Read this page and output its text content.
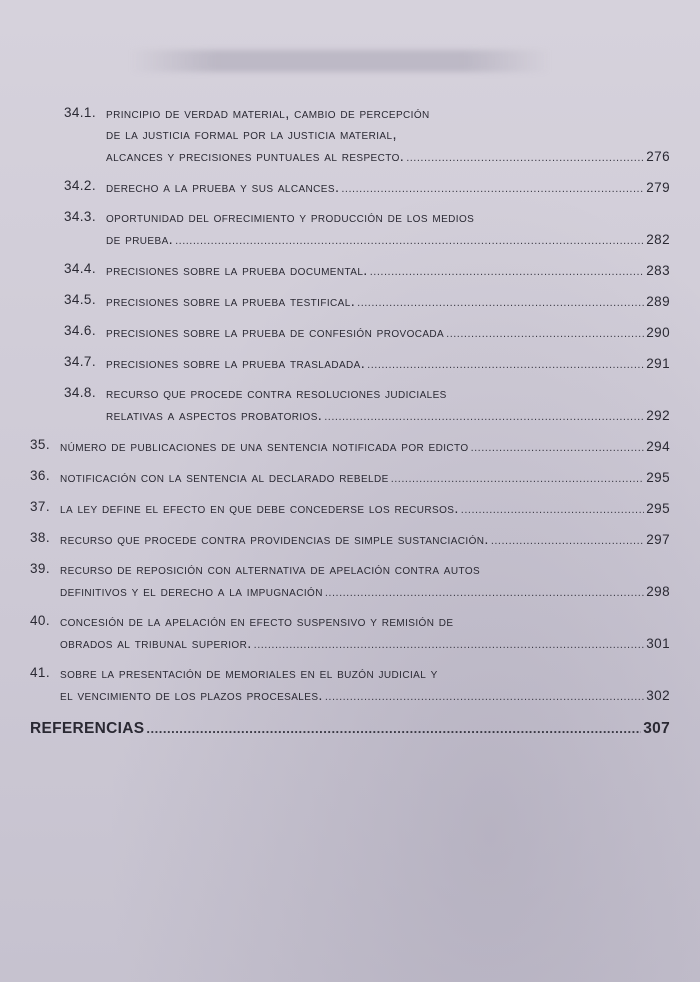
34.1. principio de verdad material, cambio de percepción
de la justicia formal por la justicia material,
alcances y precisiones puntuales al respecto. .....	276
34.2. derecho a la prueba y sus alcances. .....	279
34.3. oportunidad del ofrecimiento y producción de los medios
de prueba. .....	282
34.4. precisiones sobre la prueba documental. .....	283
34.5. precisiones sobre la prueba testifical. .....	289
34.6. precisiones sobre la prueba de confesión provocada .....	290
34.7. precisiones sobre la prueba trasladada. .....	291
34.8. recurso que procede contra resoluciones judiciales
relativas a aspectos probatorios. .....	292
35. número de publicaciones de una sentencia notificada por edicto .....	294
36. notificación con la sentencia al declarado rebelde .....	295
37. la ley define el efecto en que debe concederse los recursos. .....	295
38. recurso que procede contra providencias de simple sustanciación. .....	297
39. recurso de reposición con alternativa de apelación contra autos
definitivos y el derecho a la impugnación .....	298
40. concesión de la apelación en efecto suspensivo y remisión de
obrados al tribunal superior. .....	301
41. sobre la presentación de memoriales en el buzón judicial y
el vencimiento de los plazos procesales. .....	302
REFERENCIAS .....	307
